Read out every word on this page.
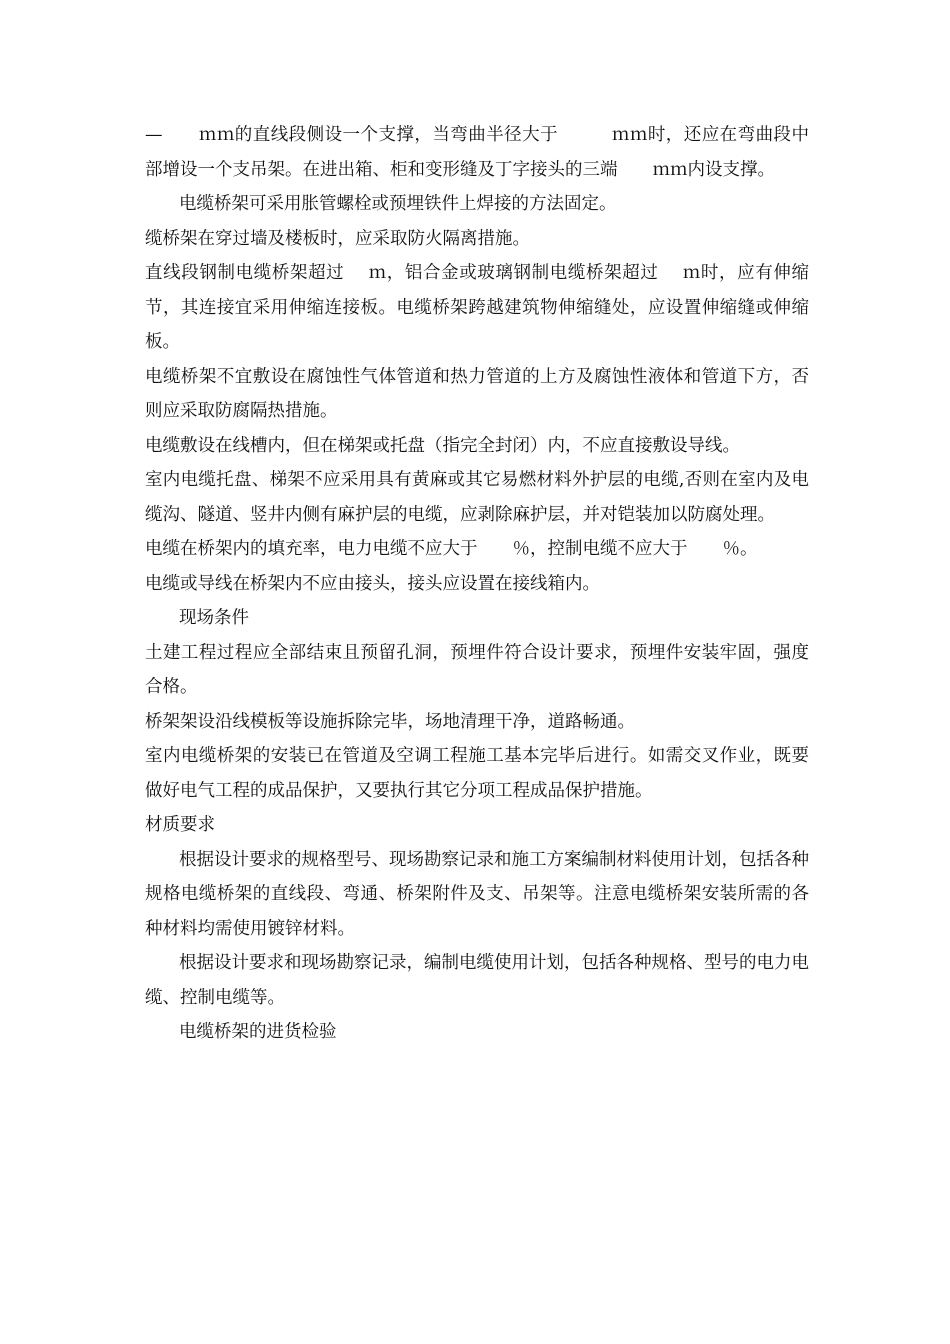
—　　ｍｍ的直线段侧设一个支撑，当弯曲半径大于　　　ｍｍ时，还应在弯曲段中部增设一个支吊架。在进出箱、柜和变形缝及丁字接头的三端　　ｍｍ内设支撑。

电缆桥架可采用胀管螺栓或预埋铁件上焊接的方法固定。

缆桥架在穿过墙及楼板时，应采取防火隔离措施。

直线段钢制电缆桥架超过　 ｍ，铝合金或玻璃钢制电缆桥架超过　 ｍ时，应有伸缩节，其连接宜采用伸缩连接板。电缆桥架跨越建筑物伸缩缝处，应设置伸缩缝或伸缩板。

电缆桥架不宜敷设在腐蚀性气体管道和热力管道的上方及腐蚀性液体和管道下方，否则应采取防腐隔热措施。

电缆敷设在线槽内，但在梯架或托盘（指完全封闭）内，不应直接敷设导线。

室内电缆托盘、梯架不应采用具有黄麻或其它易燃材料外护层的电缆,否则在室内及电缆沟、隧道、竖井内侧有麻护层的电缆，应剥除麻护层，并对铠装加以防腐处理。

电缆在桥架内的填充率，电力电缆不应大于　　％，控制电缆不应大于　　％。

电缆或导线在桥架内不应由接头，接头应设置在接线箱内。

现场条件

土建工程过程应全部结束且预留孔洞，预埋件符合设计要求，预埋件安装牢固，强度合格。

桥架架设沿线模板等设施拆除完毕，场地清理干净，道路畅通。

室内电缆桥架的安装已在管道及空调工程施工基本完毕后进行。如需交叉作业，既要做好电气工程的成品保护，又要执行其它分项工程成品保护措施。

材质要求

根据设计要求的规格型号、现场勘察记录和施工方案编制材料使用计划，包括各种规格电缆桥架的直线段、弯通、桥架附件及支、吊架等。注意电缆桥架安装所需的各种材料均需使用镀锌材料。

根据设计要求和现场勘察记录，编制电缆使用计划，包括各种规格、型号的电力电缆、控制电缆等。

电缆桥架的进货检验
